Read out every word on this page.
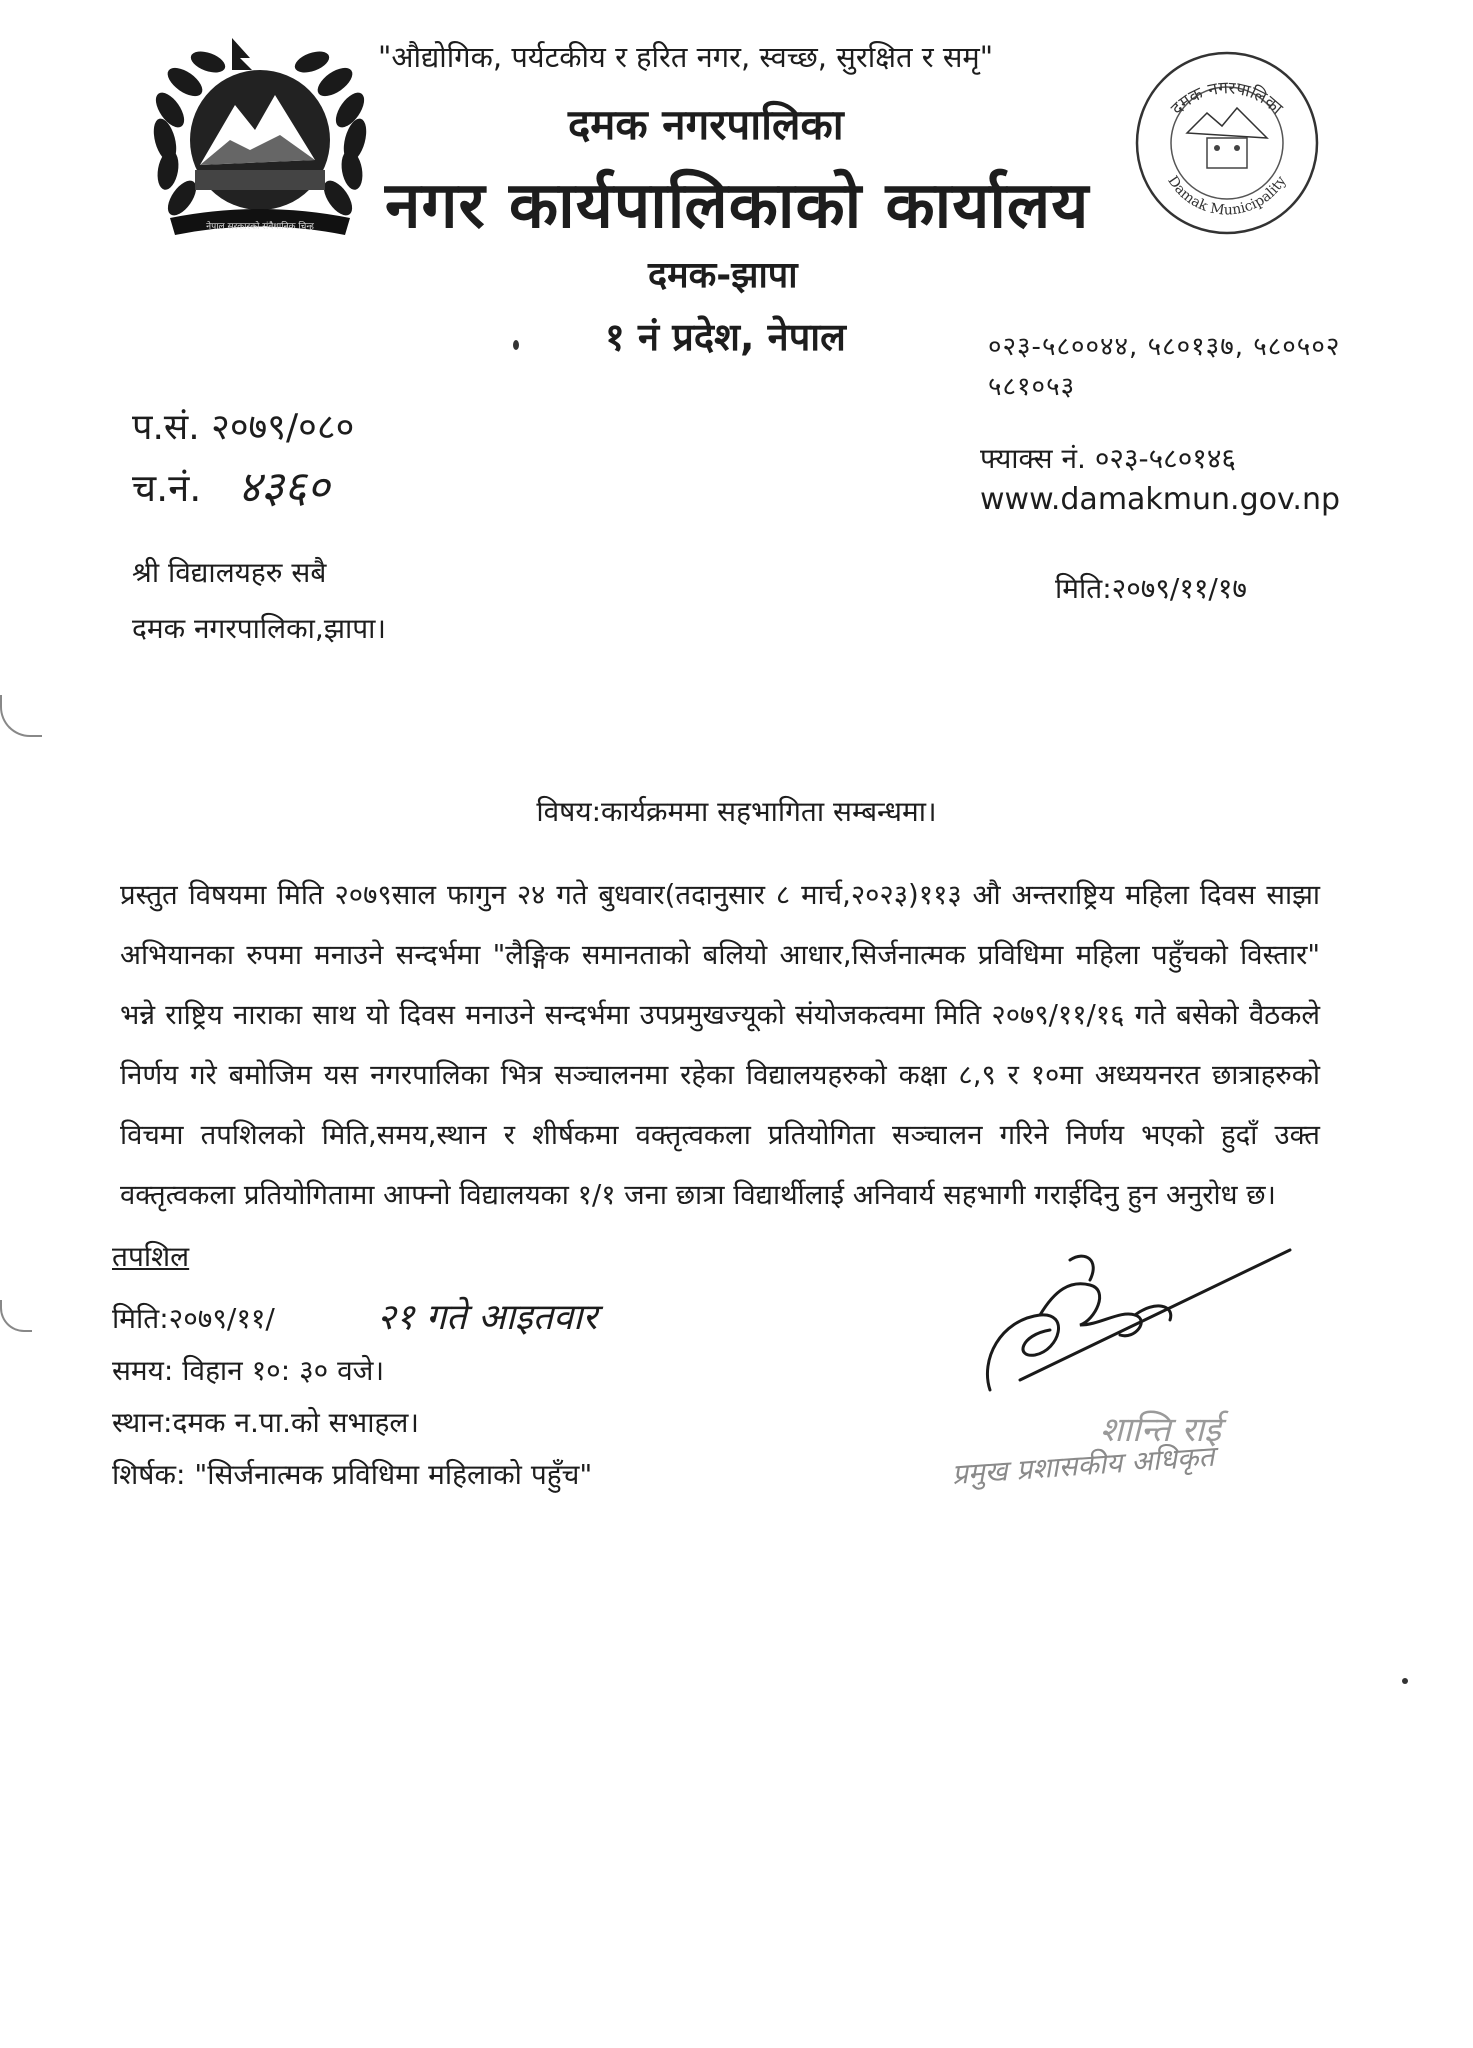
नेपाल सरकारको संवैधानिक चिन्ह
दमक नगरपालिका
Damak Municipality
"औद्योगिक, पर्यटकीय र हरित नगर, स्वच्छ, सुरक्षित र समृ"
दमक नगरपालिका
नगर कार्यपालिकाको कार्यालय
दमक-झापा
१ नं प्रदेश, नेपाल	०२३-५८००४४, ५८०१३७, ५८०५०२
५८१०५३
फ्याक्स नं. ०२३-५८०१४६
www.damakmun.gov.np
प.सं. २०७९/०८०
च.नं. ४३६०
श्री विद्यालयहरु सबै
दमक नगरपालिका,झापा।
मिति:२०७९/११/१७
विषय:कार्यक्रममा सहभागिता सम्बन्धमा।
प्रस्तुत विषयमा मिति २०७९साल फागुन २४ गते बुधवार(तदानुसार ८ मार्च,२०२३)११३ औ अन्तराष्ट्रिय महिला दिवस साझा अभियानका रुपमा मनाउने सन्दर्भमा "लैङ्गिक समानताको बलियो आधार,सिर्जनात्मक प्रविधिमा महिला पहुँचको विस्तार" भन्ने राष्ट्रिय नाराका साथ यो दिवस मनाउने सन्दर्भमा उपप्रमुखज्यूको संयोजकत्वमा मिति २०७९/११/१६ गते बसेको वैठकले निर्णय गरे बमोजिम यस नगरपालिका भित्र सञ्चालनमा रहेका विद्यालयहरुको कक्षा ८,९ र १०मा अध्ययनरत छात्राहरुको विचमा तपशिलको मिति,समय,स्थान र शीर्षकमा वक्तृत्वकला प्रतियोगिता सञ्चालन गरिने निर्णय भएको हुदाँ उक्त वक्तृत्वकला प्रतियोगितामा आफ्नो विद्यालयका १/१ जना छात्रा विद्यार्थीलाई अनिवार्य सहभागी गराईदिनु हुन अनुरोध छ।
तपशिल
मिति:२०७९/११/	२१ गते आइतवार
समय: विहान १०: ३० वजे।
स्थान:दमक न.पा.को सभाहल।
शिर्षक: "सिर्जनात्मक प्रविधिमा महिलाको पहुँच"
शान्ति राई
प्रमुख प्रशासकीय अधिकृत
